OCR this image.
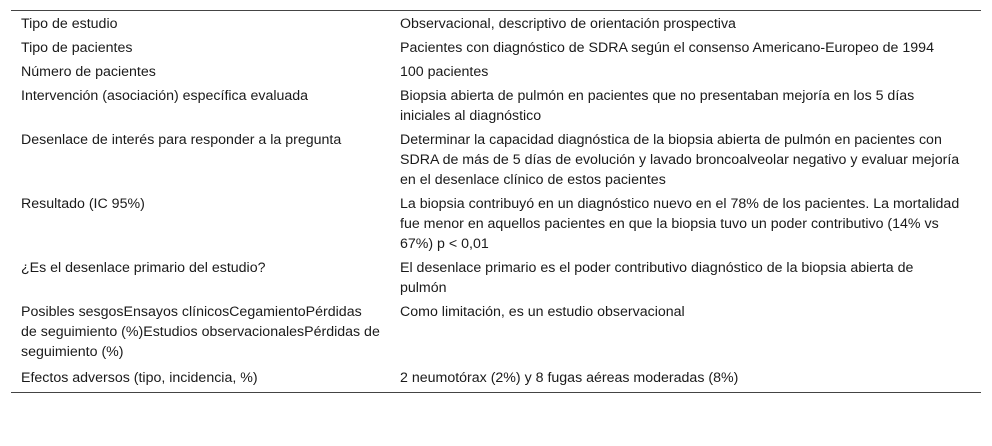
Tipo de estudio	Observacional, descriptivo de orientación prospectiva
Tipo de pacientes	Pacientes con diagnóstico de SDRA según el consenso Americano-Europeo de 1994
Número de pacientes	100 pacientes
Intervención (asociación) específica evaluada	Biopsia abierta de pulmón en pacientes que no presentaban mejoría en los 5 días iniciales al diagnóstico
Desenlace de interés para responder a la pregunta	Determinar la capacidad diagnóstica de la biopsia abierta de pulmón en pacientes con SDRA de más de 5 días de evolución y lavado broncoalveolar negativo y evaluar mejoría en el desenlace clínico de estos pacientes
Resultado (IC 95%)	La biopsia contribuyó en un diagnóstico nuevo en el 78% de los pacientes. La mortalidad fue menor en aquellos pacientes en que la biopsia tuvo un poder contributivo (14% vs 67%) p < 0,01
¿Es el desenlace primario del estudio?	El desenlace primario es el poder contributivo diagnóstico de la biopsia abierta de pulmón
Posibles sesgosEnsayos clínicosCegamientoPérdidas de seguimiento (%)Estudios observacionalesPérdidas de seguimiento (%)	Como limitación, es un estudio observacional
Efectos adversos (tipo, incidencia, %)	2 neumotórax (2%) y 8 fugas aéreas moderadas (8%)
